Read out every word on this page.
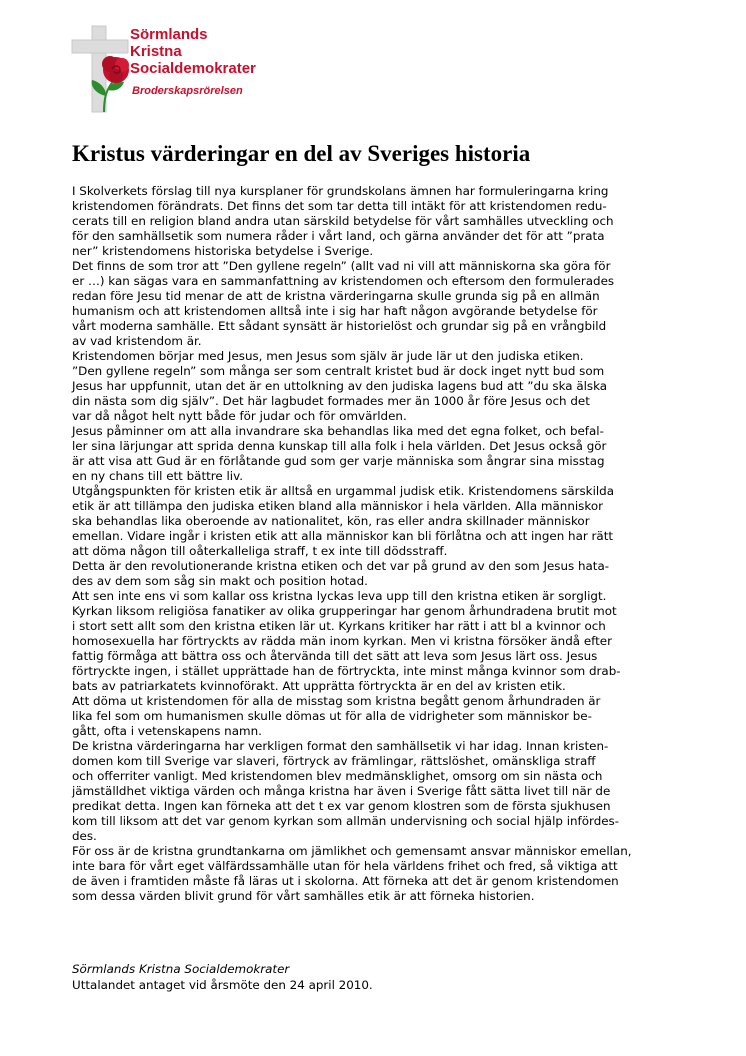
Sörmlands
Kristna
Socialdemokrater
Broderskapsrörelsen
Kristus värderingar en del av Sveriges historia

I Skolverkets förslag till nya kursplaner för grundskolans ämnen har formuleringarna kring
kristendomen förändrats. Det finns det som tar detta till intäkt för att kristendomen redu-
cerats till en religion bland andra utan särskild betydelse för vårt samhälles utveckling och
för den samhällsetik som numera råder i vårt land, och gärna använder det för att ”prata
ner” kristendomens historiska betydelse i Sverige.

Det finns de som tror att ”Den gyllene regeln” (allt vad ni vill att människorna ska göra för
er …) kan sägas vara en sammanfattning av kristendomen och eftersom den formulerades
redan före Jesu tid menar de att de kristna värderingarna skulle grunda sig på en allmän
humanism och att kristendomen alltså inte i sig har haft någon avgörande betydelse för
vårt moderna samhälle. Ett sådant synsätt är historielöst och grundar sig på en vrångbild
av vad kristendom är.

Kristendomen börjar med Jesus, men Jesus som själv är jude lär ut den judiska etiken.
”Den gyllene regeln” som många ser som centralt kristet bud är dock inget nytt bud som
Jesus har uppfunnit, utan det är en uttolkning av den judiska lagens bud att ”du ska älska
din nästa som dig själv”. Det här lagbudet formades mer än 1000 år före Jesus och det
var då något helt nytt både för judar och för omvärlden.

Jesus påminner om att alla invandrare ska behandlas lika med det egna folket, och befal-
ler sina lärjungar att sprida denna kunskap till alla folk i hela världen. Det Jesus också gör
är att visa att Gud är en förlåtande gud som ger varje människa som ångrar sina misstag
en ny chans till ett bättre liv.

Utgångspunkten för kristen etik är alltså en urgammal judisk etik. Kristendomens särskilda
etik är att tillämpa den judiska etiken bland alla människor i hela världen. Alla människor
ska behandlas lika oberoende av nationalitet, kön, ras eller andra skillnader människor
emellan. Vidare ingår i kristen etik att alla människor kan bli förlåtna och att ingen har rätt
att döma någon till oåterkalleliga straff, t ex inte till dödsstraff.

Detta är den revolutionerande kristna etiken och det var på grund av den som Jesus hata-
des av dem som såg sin makt och position hotad.

Att sen inte ens vi som kallar oss kristna lyckas leva upp till den kristna etiken är sorgligt.
Kyrkan liksom religiösa fanatiker av olika grupperingar har genom århundradena brutit mot
i stort sett allt som den kristna etiken lär ut. Kyrkans kritiker har rätt i att bl a kvinnor och
homosexuella har förtryckts av rädda män inom kyrkan. Men vi kristna försöker ändå efter
fattig förmåga att bättra oss och återvända till det sätt att leva som Jesus lärt oss. Jesus
förtryckte ingen, i stället upprättade han de förtryckta, inte minst många kvinnor som drab-
bats av patriarkatets kvinnoförakt. Att upprätta förtryckta är en del av kristen etik.

Att döma ut kristendomen för alla de misstag som kristna begått genom århundraden är
lika fel som om humanismen skulle dömas ut för alla de vidrigheter som människor be-
gått, ofta i vetenskapens namn.

De kristna värderingarna har verkligen format den samhällsetik vi har idag. Innan kristen-
domen kom till Sverige var slaveri, förtryck av främlingar, rättslöshet, omänskliga straff
och offerriter vanligt. Med kristendomen blev medmänsklighet, omsorg om sin nästa och
jämställdhet viktiga värden och många kristna har även i Sverige fått sätta livet till när de
predikat detta. Ingen kan förneka att det t ex var genom klostren som de första sjukhusen
kom till liksom att det var genom kyrkan som allmän undervisning och social hjälp infördes-
des.

För oss är de kristna grundtankarna om jämlikhet och gemensamt ansvar människor emellan,
inte bara för vårt eget välfärdssamhälle utan för hela världens frihet och fred, så viktiga att
de även i framtiden måste få läras ut i skolorna. Att förneka att det är genom kristendomen
som dessa värden blivit grund för vårt samhälles etik är att förneka historien.

Sörmlands Kristna Socialdemokrater
Uttalandet antaget vid årsmöte den 24 april 2010.
